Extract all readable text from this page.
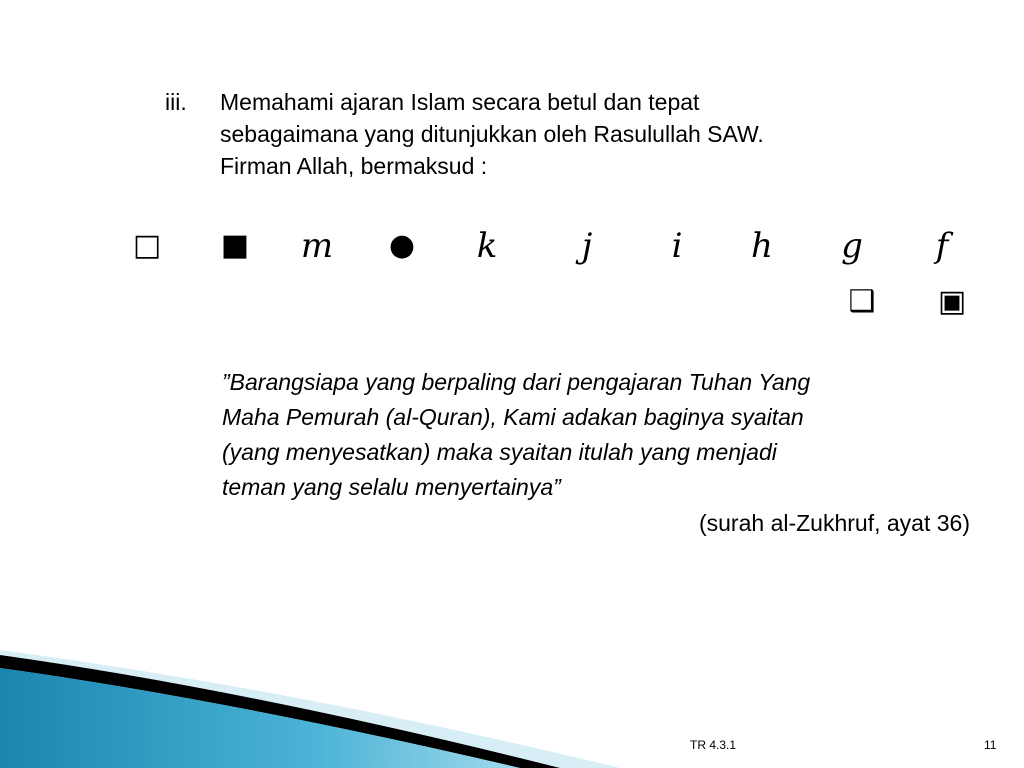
iii. Memahami ajaran Islam secara betul dan tepat
sebagaimana yang ditunjukkan oleh Rasulullah SAW.
Firman Allah, bermaksud :
□ ■ m ●	k	j	i	h	g	f
❑ ▣
”Barangsiapa yang berpaling dari pengajaran Tuhan Yang
Maha Pemurah (al-Quran), Kami adakan baginya syaitan
(yang menyesatkan) maka syaitan itulah yang menjadi
teman yang selalu menyertainya”
(surah al-Zukhruf, ayat 36)
TR 4.3.1	11
